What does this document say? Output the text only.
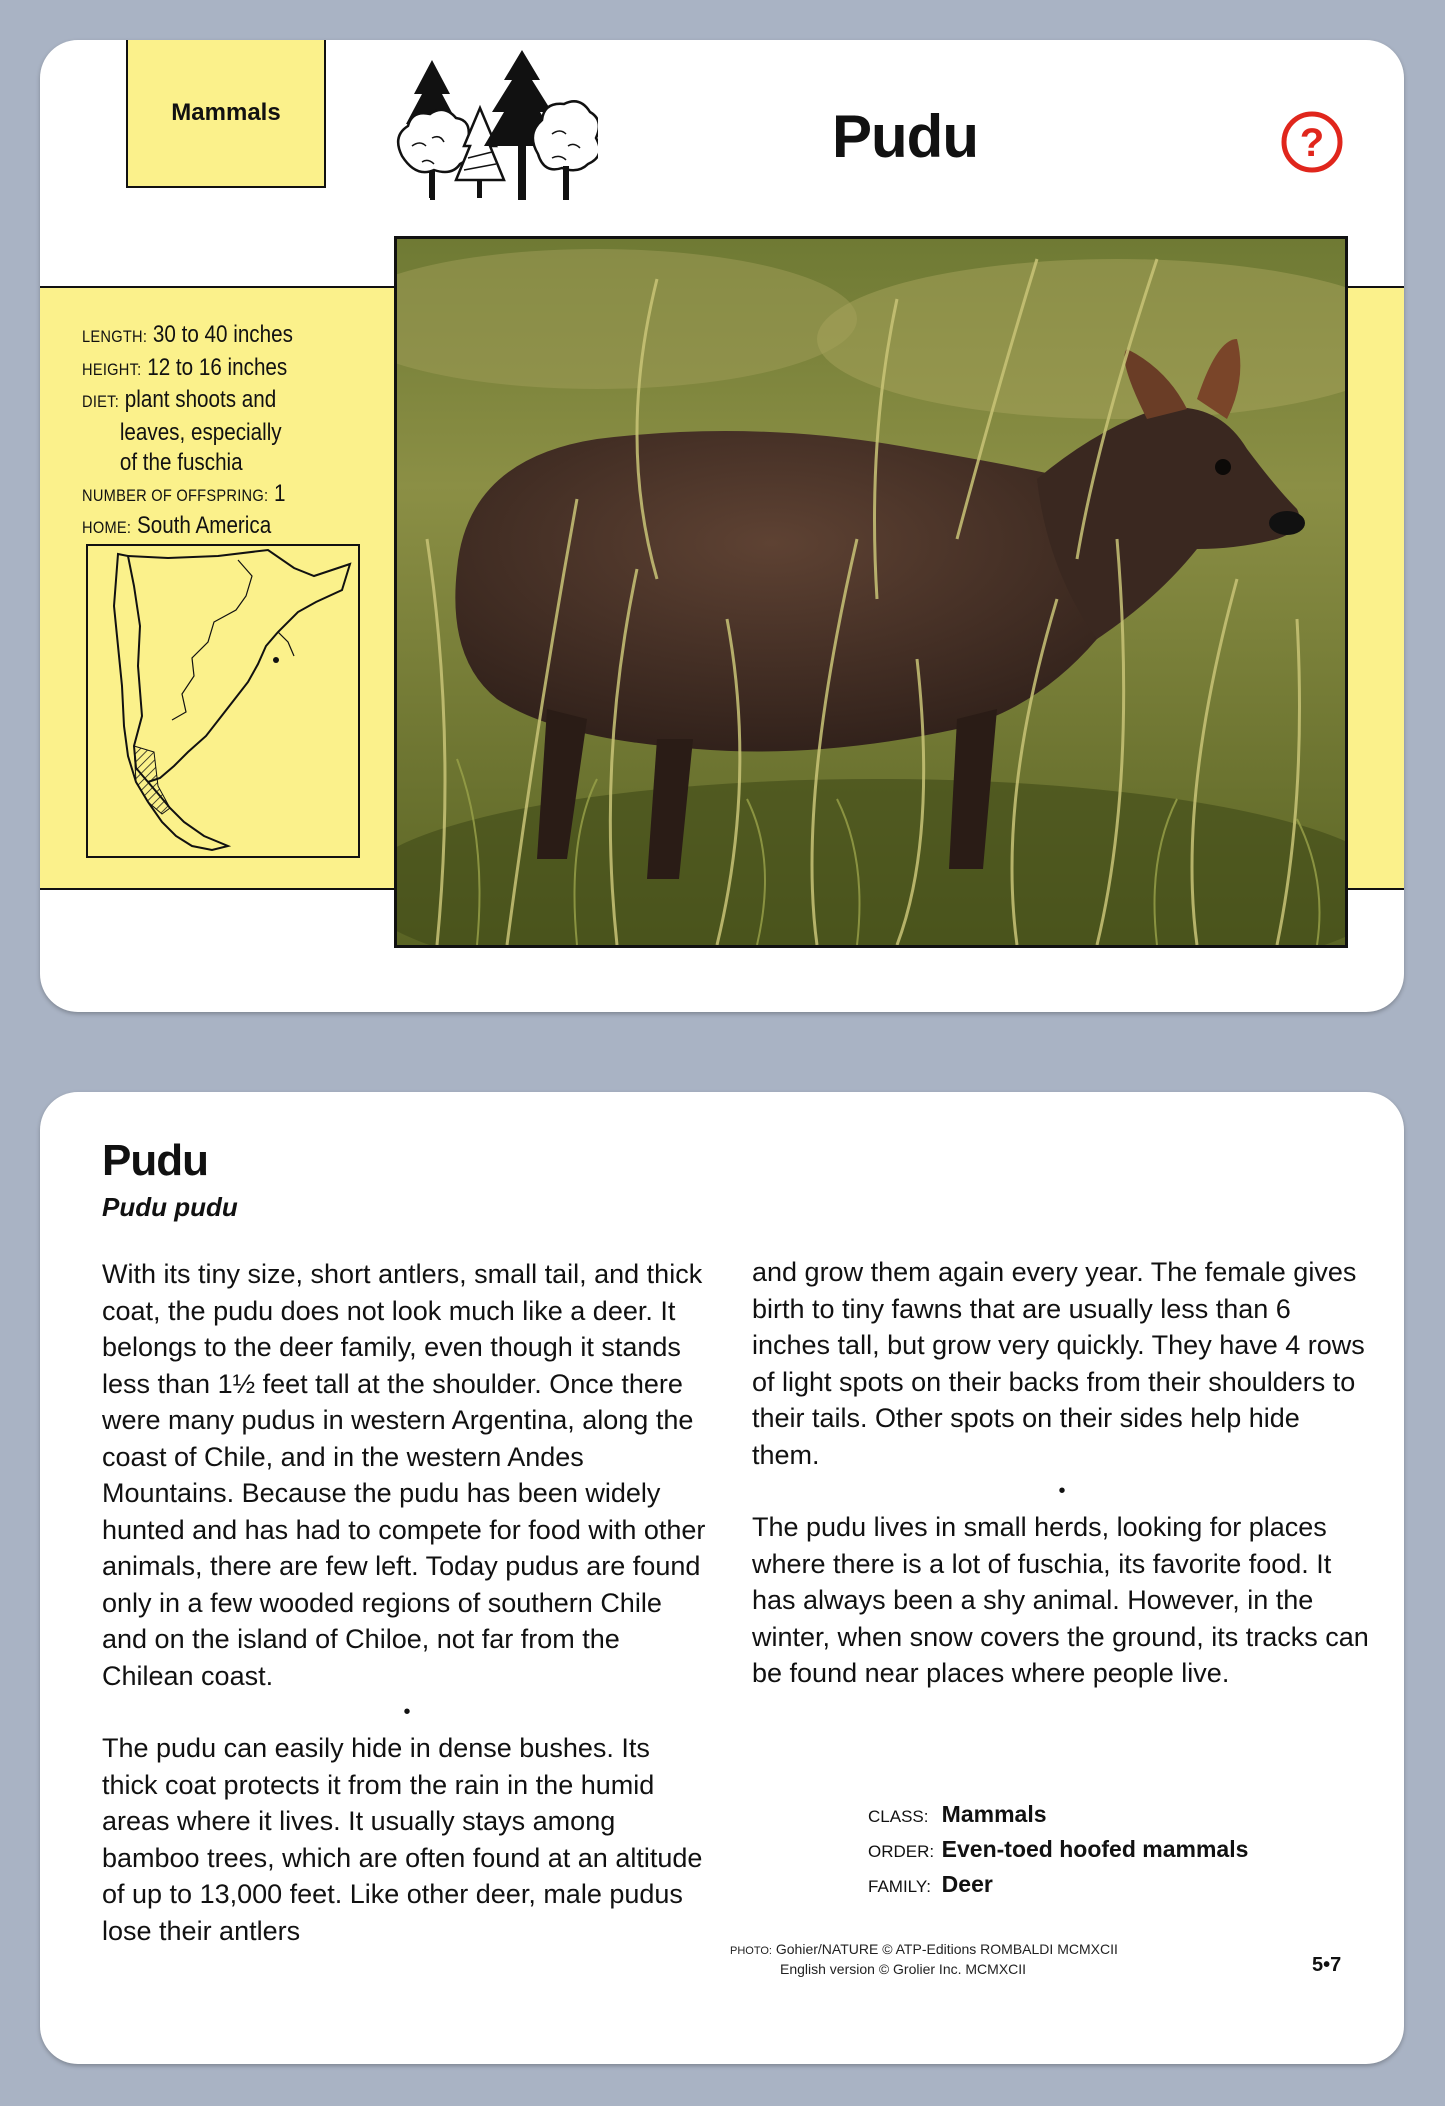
Mammals	Pudu	?
LENGTH: 30 to 40 inches
HEIGHT: 12 to 16 inches
DIET: plant shoots and
leaves, especially
of the fuschia
NUMBER OF OFFSPRING: 1
HOME: South America
Pudu
Pudu pudu

With its tiny size, short antlers, small tail, and thick coat, the pudu does not look much like a deer. It belongs to the deer family, even though it stands less than 1½ feet tall at the shoulder. Once there were many pudus in western Argentina, along the coast of Chile, and in the western Andes Mountains. Because the pudu has been widely hunted and has had to compete for food with other animals, there are few left. Today pudus are found only in a few wooded regions of southern Chile and on the island of Chiloe, not far from the Chilean coast.

•

The pudu can easily hide in dense bushes. Its thick coat protects it from the rain in the humid areas where it lives. It usually stays among bamboo trees, which are often found at an altitude of up to 13,000 feet. Like other deer, male pudus lose their antlers

and grow them again every year. The female gives birth to tiny fawns that are usually less than 6 inches tall, but grow very quickly. They have 4 rows of light spots on their backs from their shoulders to their tails. Other spots on their sides help hide them.

•

The pudu lives in small herds, looking for places where there is a lot of fuschia, its favorite food. It has always been a shy animal. However, in the winter, when snow covers the ground, its tracks can be found near places where people live.

CLASS: Mammals
ORDER: Even-toed hoofed mammals
FAMILY: Deer
PHOTO: Gohier/NATURE © ATP-Editions ROMBALDI MCMXCII
English version © Grolier Inc. MCMXCII	5•7
